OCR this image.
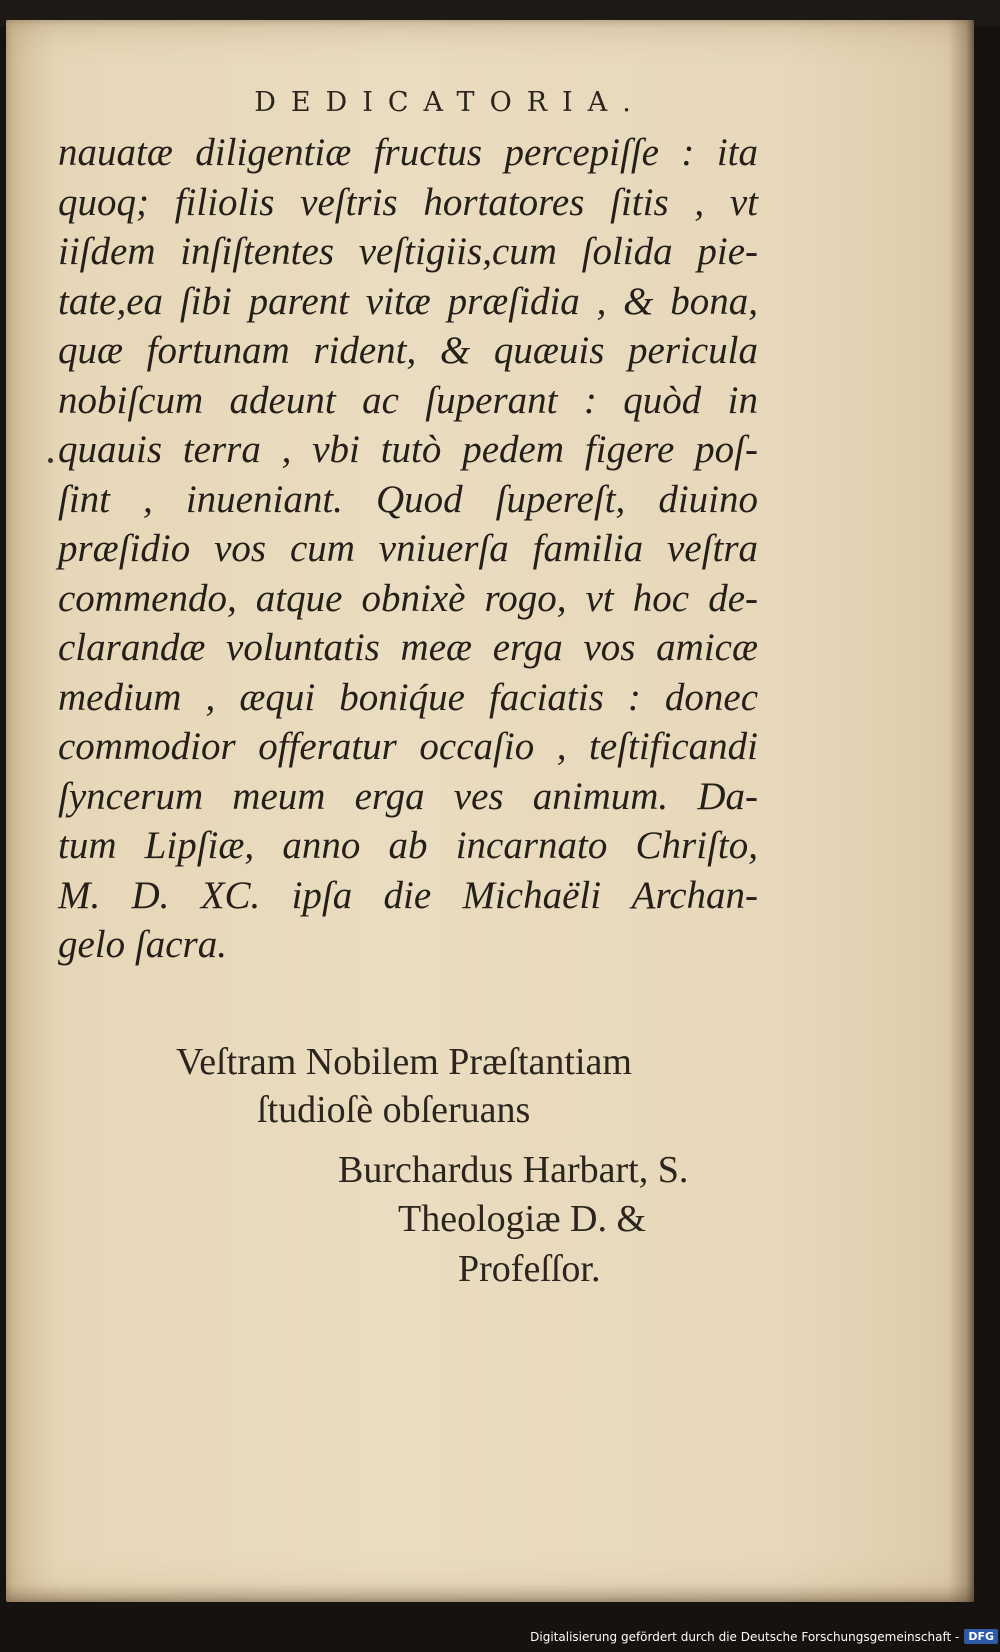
DEDICATORIA.
nauatæ diligentiæ fructus percepiſſe : ita
quoq; filiolis veſtris hortatores ſitis , vt
iiſdem inſiſtentes veſtigiis,cum ſolida pie-
tate,ea ſibi parent vitæ præſidia , & bona,
quæ fortunam rident, & quæuis pericula
nobiſcum adeunt ac ſuperant : quòd in
quauis terra , vbi tutò pedem figere poſ-
ſint , inueniant. Quod ſupereſt, diuino
præſidio vos cum vniuerſa familia veſtra
commendo, atque obnixè rogo, vt hoc de-
clarandæ voluntatis meæ erga vos amicæ
medium , æqui boniq́ue faciatis : donec
commodior offeratur occaſio , teſtificandi
ſyncerum meum erga ves animum. Da-
tum Lipſiæ, anno ab incarnato Chriſto,
M. D. XC. ipſa die Michaëli Archan-
gelo ſacra.
Veſtram Nobilem Præſtantiam
ſtudioſè obſeruans
Burchardus Harbart, S.
Theologiæ D. &
Profeſſor.
Digitalisierung gefördert durch die Deutsche Forschungsgemeinschaft - DFG
